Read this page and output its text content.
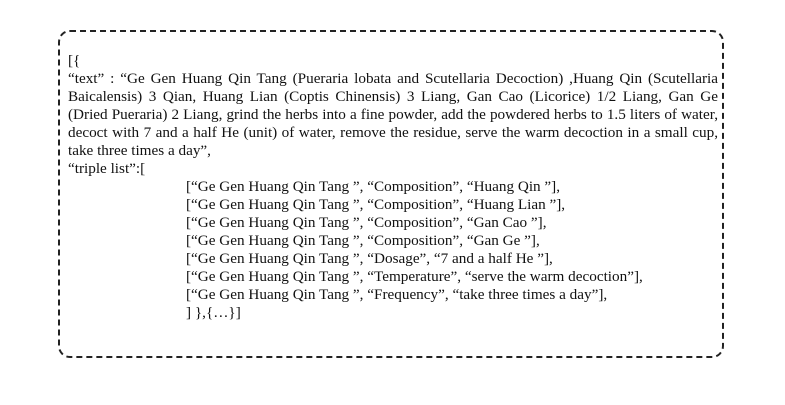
[{
“text” : “Ge Gen Huang Qin Tang (Pueraria lobata and Scutellaria Decoction) ,Huang Qin (Scutellaria Baicalensis) 3 Qian, Huang Lian (Coptis Chinensis) 3 Liang, Gan Cao (Licorice) 1/2 Liang, Gan Ge (Dried Pueraria) 2 Liang, grind the herbs into a fine powder, add the powdered herbs to 1.5 liters of water, decoct with 7 and a half He (unit) of water, remove the residue, serve the warm decoction in a small cup, take three times a day”,
“triple list”:[
[“Ge Gen Huang Qin Tang ”, “Composition”, “Huang Qin ”],
[“Ge Gen Huang Qin Tang ”, “Composition”, “Huang Lian ”],
[“Ge Gen Huang Qin Tang ”, “Composition”, “Gan Cao ”],
[“Ge Gen Huang Qin Tang ”, “Composition”, “Gan Ge ”],
[“Ge Gen Huang Qin Tang ”, “Dosage”, “7 and a half He ”],
[“Ge Gen Huang Qin Tang ”, “Temperature”, “serve the warm decoction”],
[“Ge Gen Huang Qin Tang ”, “Frequency”, “take three times a day”],
] },{…}]
